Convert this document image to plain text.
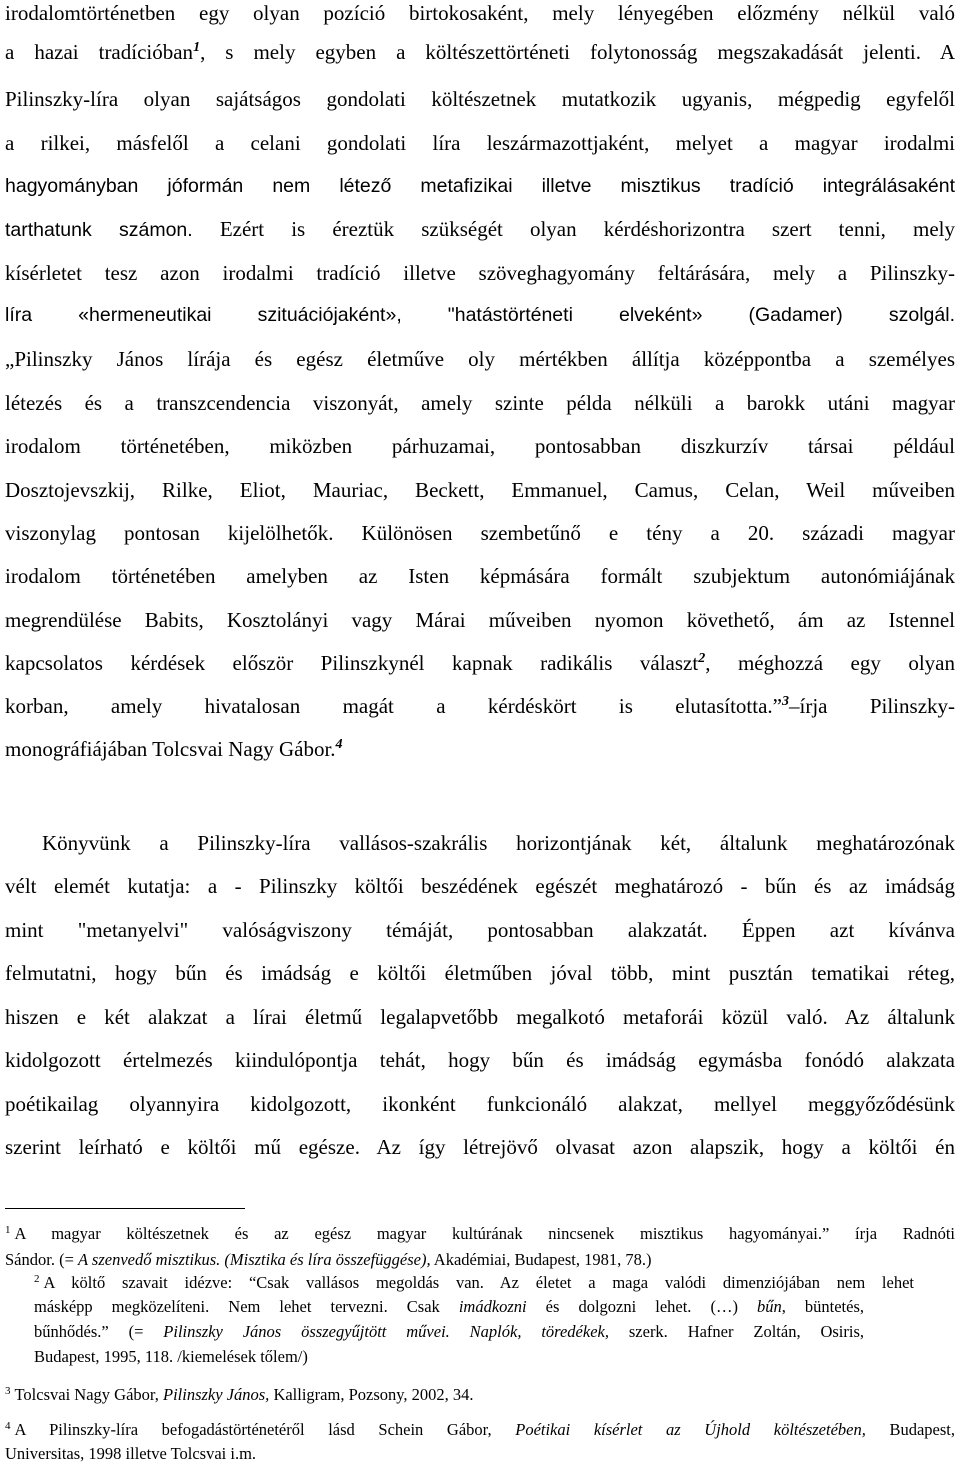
irodalomtörténetben egy olyan pozíció birtokosaként, mely lényegében előzmény nélkül való

a hazai tradícióban$^1$, s mely egyben a költészettörténeti folytonosság megszakadását jelenti. A

Pilinszky-líra olyan sajátságos gondolati költészetnek mutatkozik ugyanis, mégpedig egyfelől

a rilkei, másfelől a celani gondolati líra leszármazottjaként, melyet a magyar irodalmi

hagyományban jóformán nem létező metafizikai illetve misztikus tradíció integrálásaként

tarthatunk számon. Ezért is éreztük szükségét olyan kérdéshorizontra szert tenni, mely

kísérletet tesz azon irodalmi tradíció illetve szöveghagyomány feltárására, mely a Pilinszky-

líra «hermeneutikai szituációjaként», "hatástörténeti elveként» (Gadamer) szolgál.

„Pilinszky János lírája és egész életműve oly mértékben állítja középpontba a személyes

létezés és a transzcendencia viszonyát, amely szinte példa nélküli a barokk utáni magyar

irodalom történetében, miközben párhuzamai, pontosabban diszkurzív társai például

Dosztojevszkij, Rilke, Eliot, Mauriac, Beckett, Emmanuel, Camus, Celan, Weil műveiben

viszonylag pontosan kijelölhetők. Különösen szembetűnő e tény a 20. századi magyar

irodalom történetében amelyben az Isten képmására formált szubjektum autonómiájának

megrendülése Babits, Kosztolányi vagy Márai műveiben nyomon követhető, ám az Istennel

kapcsolatos kérdések először Pilinszkynél kapnak radikális választ$^2$, méghozzá egy olyan

korban, amely hivatalosan magát a kérdéskört is elutasította.”$^3$–írja Pilinszky-

monográfiájában Tolcsvai Nagy Gábor.$^4$

Könyvünk a Pilinszky-líra vallásos-szakrális horizontjának két, általunk meghatározónak

vélt elemét kutatja: a - Pilinszky költői beszédének egészét meghatározó - bűn és az imádság

mint "metanyelvi" valóságviszony témáját, pontosabban alakzatát. Éppen azt kívánva

felmutatni, hogy bűn és imádság e költői életműben jóval több, mint pusztán tematikai réteg,

hiszen e két alakzat a lírai életmű legalapvetőbb megalkotó metaforái közül való. Az általunk

kidolgozott értelmezés kiindulópontja tehát, hogy bűn és imádság egymásba fonódó alakzata

poétikailag olyannyira kidolgozott, ikonként funkcionáló alakzat, mellyel meggyőződésünk

szerint leírható e költői mű egésze. Az így létrejövő olvasat azon alapszik, hogy a költői én

$^1$ A magyar költészetnek és az egész magyar kultúrának nincsenek misztikus hagyományai.” írja Radnóti

Sándor. (= A szenvedő misztikus. (Misztika és líra összefüggése), Akadémiai, Budapest, 1981, 78.)

$^2$ A költő szavait idézve: “Csak vallásos megoldás van. Az életet a maga valódi dimenziójában nem lehet

másképp megközelíteni. Nem lehet tervezni. Csak imádkozni és dolgozni lehet. (…) bűn, büntetés,

bűnhődés.” (= Pilinszky János összegyűjtött művei. Naplók, töredékek, szerk. Hafner Zoltán, Osiris,

Budapest, 1995, 118. /kiemelések tőlem/)

$^3$ Tolcsvai Nagy Gábor, Pilinszky János, Kalligram, Pozsony, 2002, 34.

$^4$ A Pilinszky-líra befogadástörténetéről lásd Schein Gábor, Poétikai kísérlet az Újhold költészetében, Budapest,

Universitas, 1998 illetve Tolcsvai i.m.
